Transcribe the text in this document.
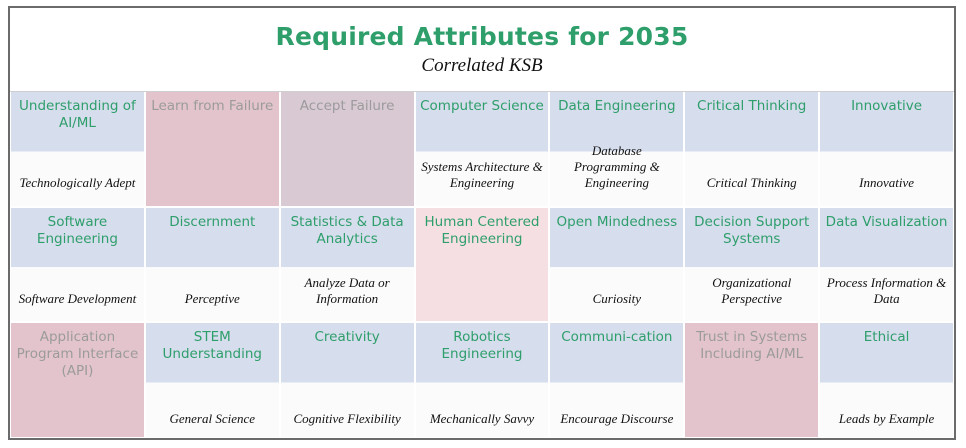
Required Attributes for 2035
Correlated KSB
Understanding of AI/ML
Technologically Adept
Learn from Failure	Accept Failure	Computer Science
Systems Architecture & Engineering
Data Engineering
Database Programming & Engineering
Critical Thinking
Critical Thinking
Innovative
Innovative
Software Engineering
Software Development
Discernment
Perceptive
Statistics & Data Analytics
Analyze Data or Information
Human Centered Engineering
Open Mindedness
Curiosity
Decision Support Systems
Organizational Perspective
Data Visualization
Process Information & Data
Application Program Interface (API)
STEM Understanding
General Science
Creativity
Cognitive Flexibility
Robotics Engineering
Mechanically Savvy
Communi-cation
Encourage Discourse
Trust in Systems Including AI/ML
Ethical
Leads by Example
